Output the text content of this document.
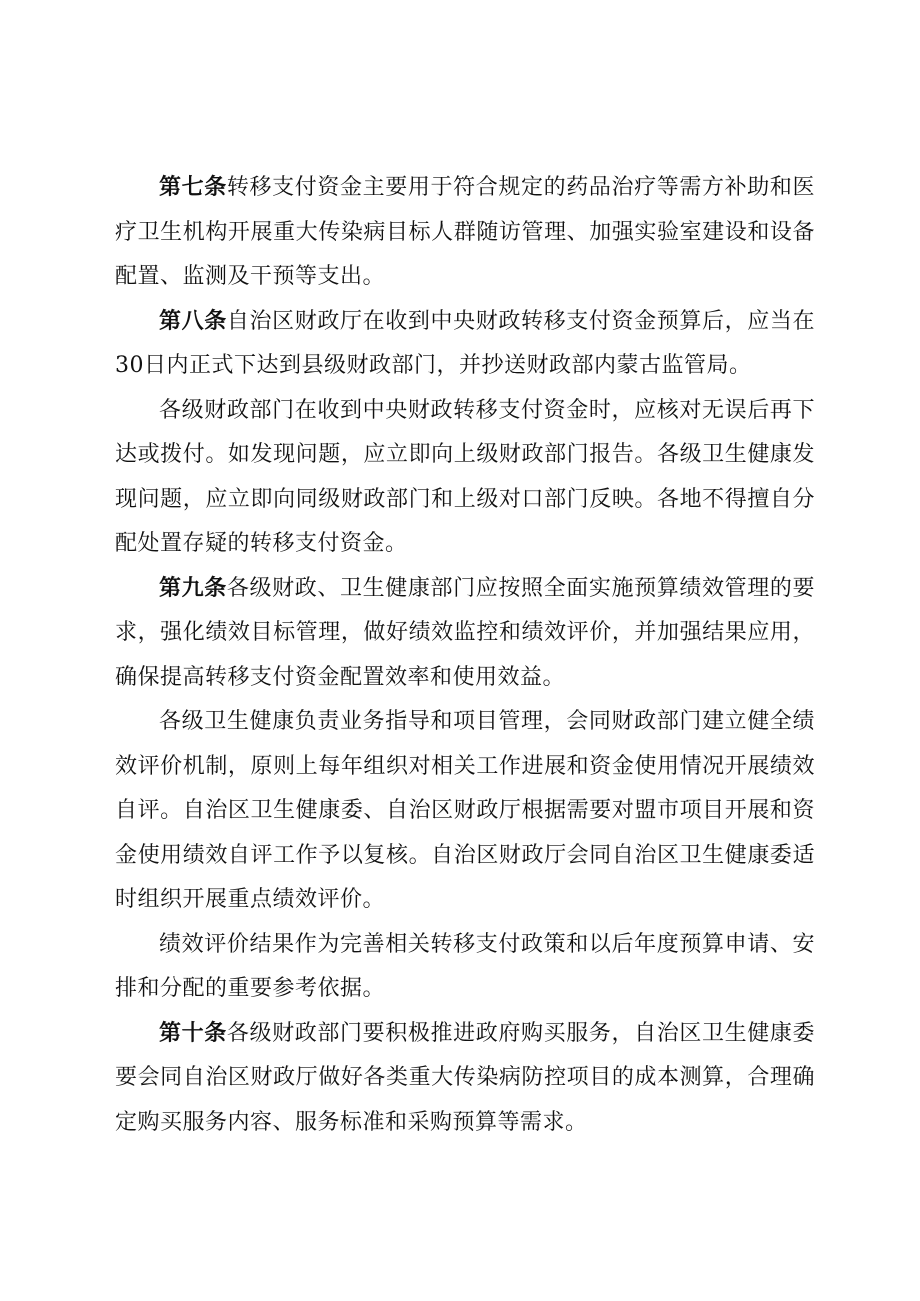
第七条转移支付资金主要用于符合规定的药品治疗等需方补助和医疗卫生机构开展重大传染病目标人群随访管理、加强实验室建设和设备配置、监测及干预等支出。

第八条自治区财政厅在收到中央财政转移支付资金预算后，应当在30日内正式下达到县级财政部门，并抄送财政部内蒙古监管局。

各级财政部门在收到中央财政转移支付资金时，应核对无误后再下达或拨付。如发现问题，应立即向上级财政部门报告。各级卫生健康发现问题，应立即向同级财政部门和上级对口部门反映。各地不得擅自分配处置存疑的转移支付资金。

第九条各级财政、卫生健康部门应按照全面实施预算绩效管理的要求，强化绩效目标管理，做好绩效监控和绩效评价，并加强结果应用，确保提高转移支付资金配置效率和使用效益。

各级卫生健康负责业务指导和项目管理，会同财政部门建立健全绩效评价机制，原则上每年组织对相关工作进展和资金使用情况开展绩效自评。自治区卫生健康委、自治区财政厅根据需要对盟市项目开展和资金使用绩效自评工作予以复核。自治区财政厅会同自治区卫生健康委适时组织开展重点绩效评价。

绩效评价结果作为完善相关转移支付政策和以后年度预算申请、安排和分配的重要参考依据。

第十条各级财政部门要积极推进政府购买服务，自治区卫生健康委要会同自治区财政厅做好各类重大传染病防控项目的成本测算，合理确定购买服务内容、服务标准和采购预算等需求。
